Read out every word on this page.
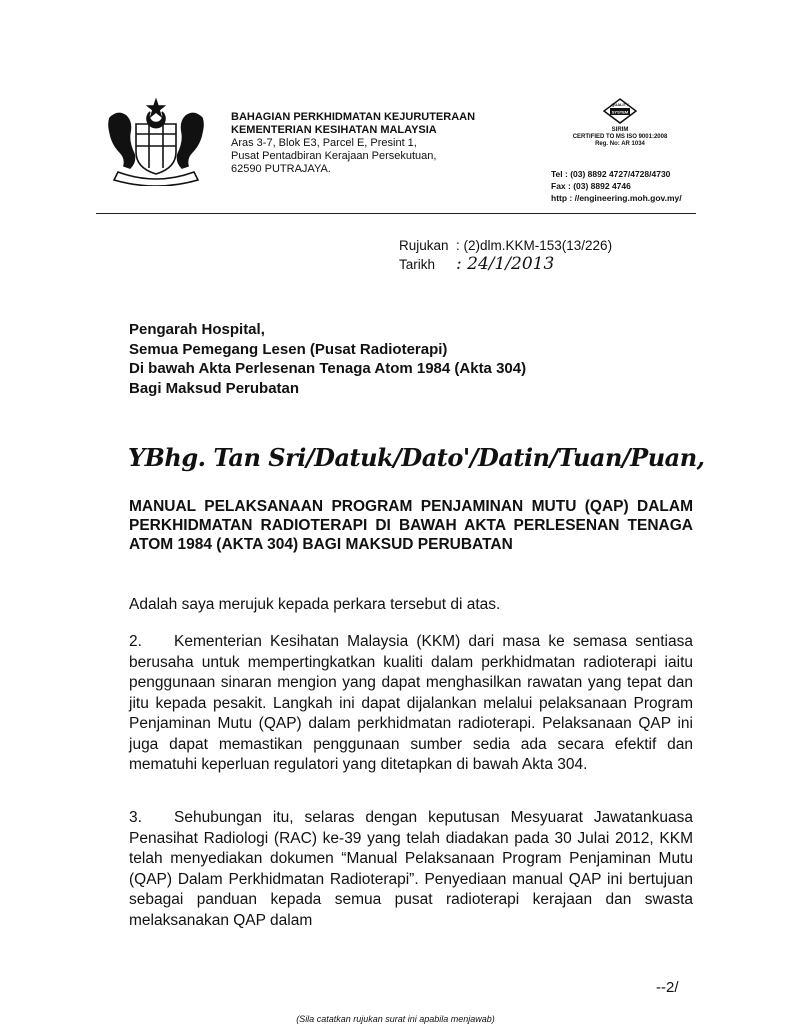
BAHAGIAN PERKHIDMATAN KEJURUTERAAN
KEMENTERIAN KESIHATAN MALAYSIA
Aras 3-7, Blok E3, Parcel E, Presint 1,
Pusat Pentadbiran Kerajaan Persekutuan,
62590 PUTRAJAYA.
QUALITY
SYSTEM
SIRIM
CERTIFIED TO MS ISO 9001:2008
Reg. No: AR 1034
Tel : (03) 8892 4727/4728/4730
Fax : (03) 8892 4746
http : //engineering.moh.gov.my/
Rujukan : (2)dlm.KKM-153(13/226)
Tarikh : 24/1/2013
Pengarah Hospital,
Semua Pemegang Lesen (Pusat Radioterapi)
Di bawah Akta Perlesenan Tenaga Atom 1984 (Akta 304)
Bagi Maksud Perubatan
YBhg. Tan Sri/Datuk/Dato'/Datin/Tuan/Puan,
MANUAL PELAKSANAAN PROGRAM PENJAMINAN MUTU (QAP) DALAM PERKHIDMATAN RADIOTERAPI DI BAWAH AKTA PERLESENAN TENAGA ATOM 1984 (AKTA 304) BAGI MAKSUD PERUBATAN
Adalah saya merujuk kepada perkara tersebut di atas.
2. Kementerian Kesihatan Malaysia (KKM) dari masa ke semasa sentiasa berusaha untuk mempertingkatkan kualiti dalam perkhidmatan radioterapi iaitu penggunaan sinaran mengion yang dapat menghasilkan rawatan yang tepat dan jitu kepada pesakit. Langkah ini dapat dijalankan melalui pelaksanaan Program Penjaminan Mutu (QAP) dalam perkhidmatan radioterapi. Pelaksanaan QAP ini juga dapat memastikan penggunaan sumber sedia ada secara efektif dan mematuhi keperluan regulatori yang ditetapkan di bawah Akta 304.
3. Sehubungan itu, selaras dengan keputusan Mesyuarat Jawatankuasa Penasihat Radiologi (RAC) ke-39 yang telah diadakan pada 30 Julai 2012, KKM telah menyediakan dokumen “Manual Pelaksanaan Program Penjaminan Mutu (QAP) Dalam Perkhidmatan Radioterapi”. Penyediaan manual QAP ini bertujuan sebagai panduan kepada semua pusat radioterapi kerajaan dan swasta melaksanakan QAP dalam
--2/
(Sila catatkan rujukan surat ini apabila menjawab)
